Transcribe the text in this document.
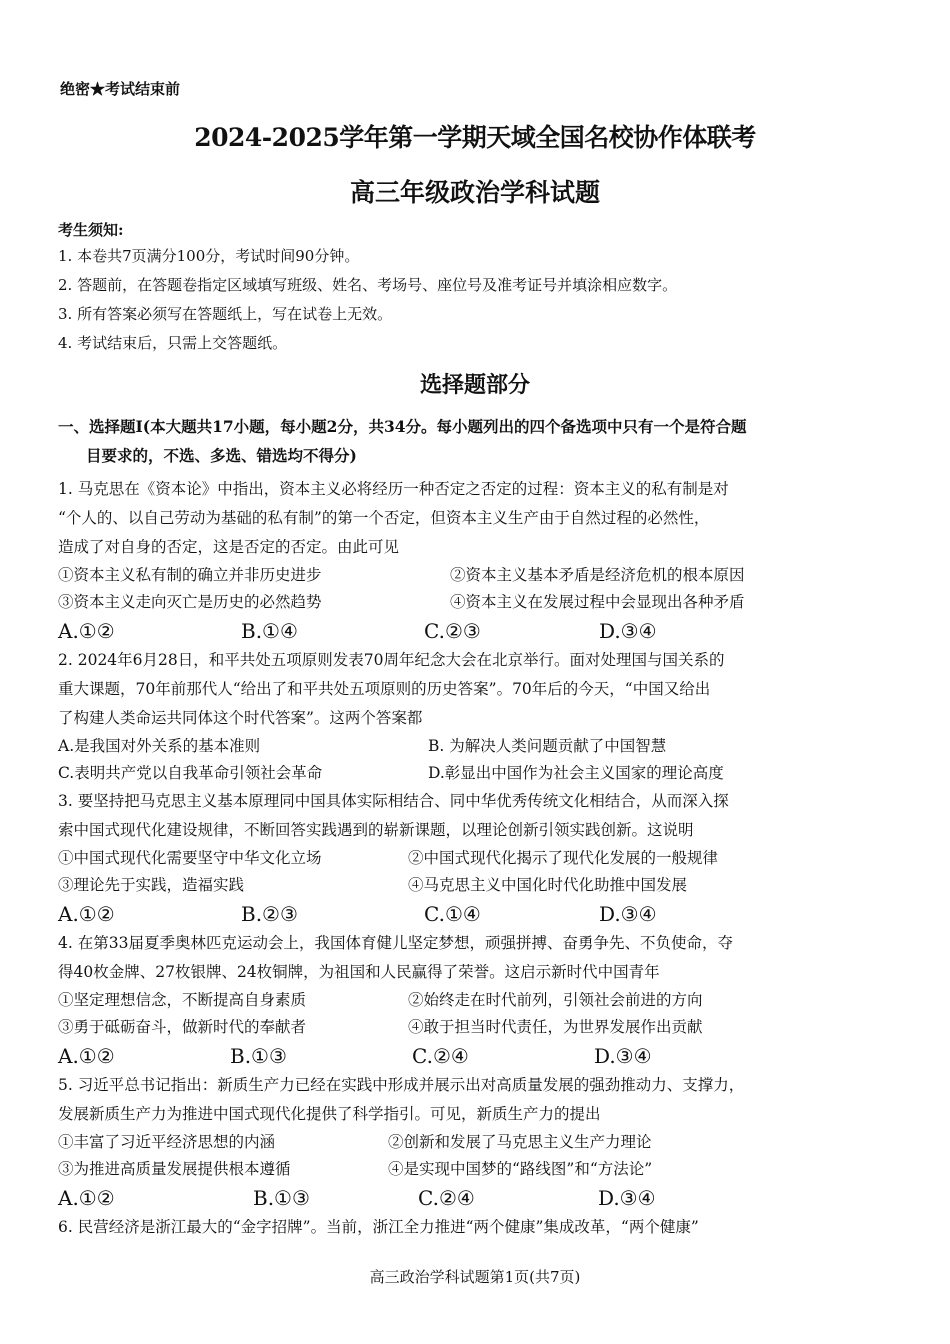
绝密★考试结束前
2024-2025学年第一学期天域全国名校协作体联考
高三年级政治学科试题
考生须知:
1. 本卷共7页满分100分，考试时间90分钟。
2. 答题前，在答题卷指定区域填写班级、姓名、考场号、座位号及准考证号并填涂相应数字。
3. 所有答案必须写在答题纸上，写在试卷上无效。
4. 考试结束后，只需上交答题纸。
选择题部分
一、选择题Ⅰ(本大题共17小题，每小题2分，共34分。每小题列出的四个备选项中只有一个是符合题
目要求的，不选、多选、错选均不得分)
1. 马克思在《资本论》中指出，资本主义必将经历一种否定之否定的过程：资本主义的私有制是对
“个人的、以自己劳动为基础的私有制”的第一个否定，但资本主义生产由于自然过程的必然性，
造成了对自身的否定，这是否定的否定。由此可见
①资本主义私有制的确立并非历史进步	②资本主义基本矛盾是经济危机的根本原因
③资本主义走向灭亡是历史的必然趋势	④资本主义在发展过程中会显现出各种矛盾
A.①②	B.①④	C.②③	D.③④
2. 2024年6月28日，和平共处五项原则发表70周年纪念大会在北京举行。面对处理国与国关系的
重大课题，70年前那代人“给出了和平共处五项原则的历史答案”。70年后的今天，“中国又给出
了构建人类命运共同体这个时代答案”。这两个答案都
A.是我国对外关系的基本准则	B. 为解决人类问题贡献了中国智慧
C.表明共产党以自我革命引领社会革命	D.彰显出中国作为社会主义国家的理论高度
3. 要坚持把马克思主义基本原理同中国具体实际相结合、同中华优秀传统文化相结合，从而深入探
索中国式现代化建设规律，不断回答实践遇到的崭新课题，以理论创新引领实践创新。这说明
①中国式现代化需要坚守中华文化立场	②中国式现代化揭示了现代化发展的一般规律
③理论先于实践，造福实践	④马克思主义中国化时代化助推中国发展
A.①②	B.②③	C.①④	D.③④
4. 在第33届夏季奥林匹克运动会上，我国体育健儿坚定梦想，顽强拼搏、奋勇争先、不负使命，夺
得40枚金牌、27枚银牌、24枚铜牌，为祖国和人民赢得了荣誉。这启示新时代中国青年
①坚定理想信念，不断提高自身素质	②始终走在时代前列，引领社会前进的方向
③勇于砥砺奋斗，做新时代的奉献者	④敢于担当时代责任，为世界发展作出贡献
A.①②	B.①③	C.②④	D.③④
5. 习近平总书记指出：新质生产力已经在实践中形成并展示出对高质量发展的强劲推动力、支撑力，
发展新质生产力为推进中国式现代化提供了科学指引。可见，新质生产力的提出
①丰富了习近平经济思想的内涵	②创新和发展了马克思主义生产力理论
③为推进高质量发展提供根本遵循	④是实现中国梦的“路线图”和“方法论”
A.①②	B.①③	C.②④	D.③④
6. 民营经济是浙江最大的“金字招牌”。当前，浙江全力推进“两个健康”集成改革，“两个健康”
高三政治学科试题第1页(共7页)
